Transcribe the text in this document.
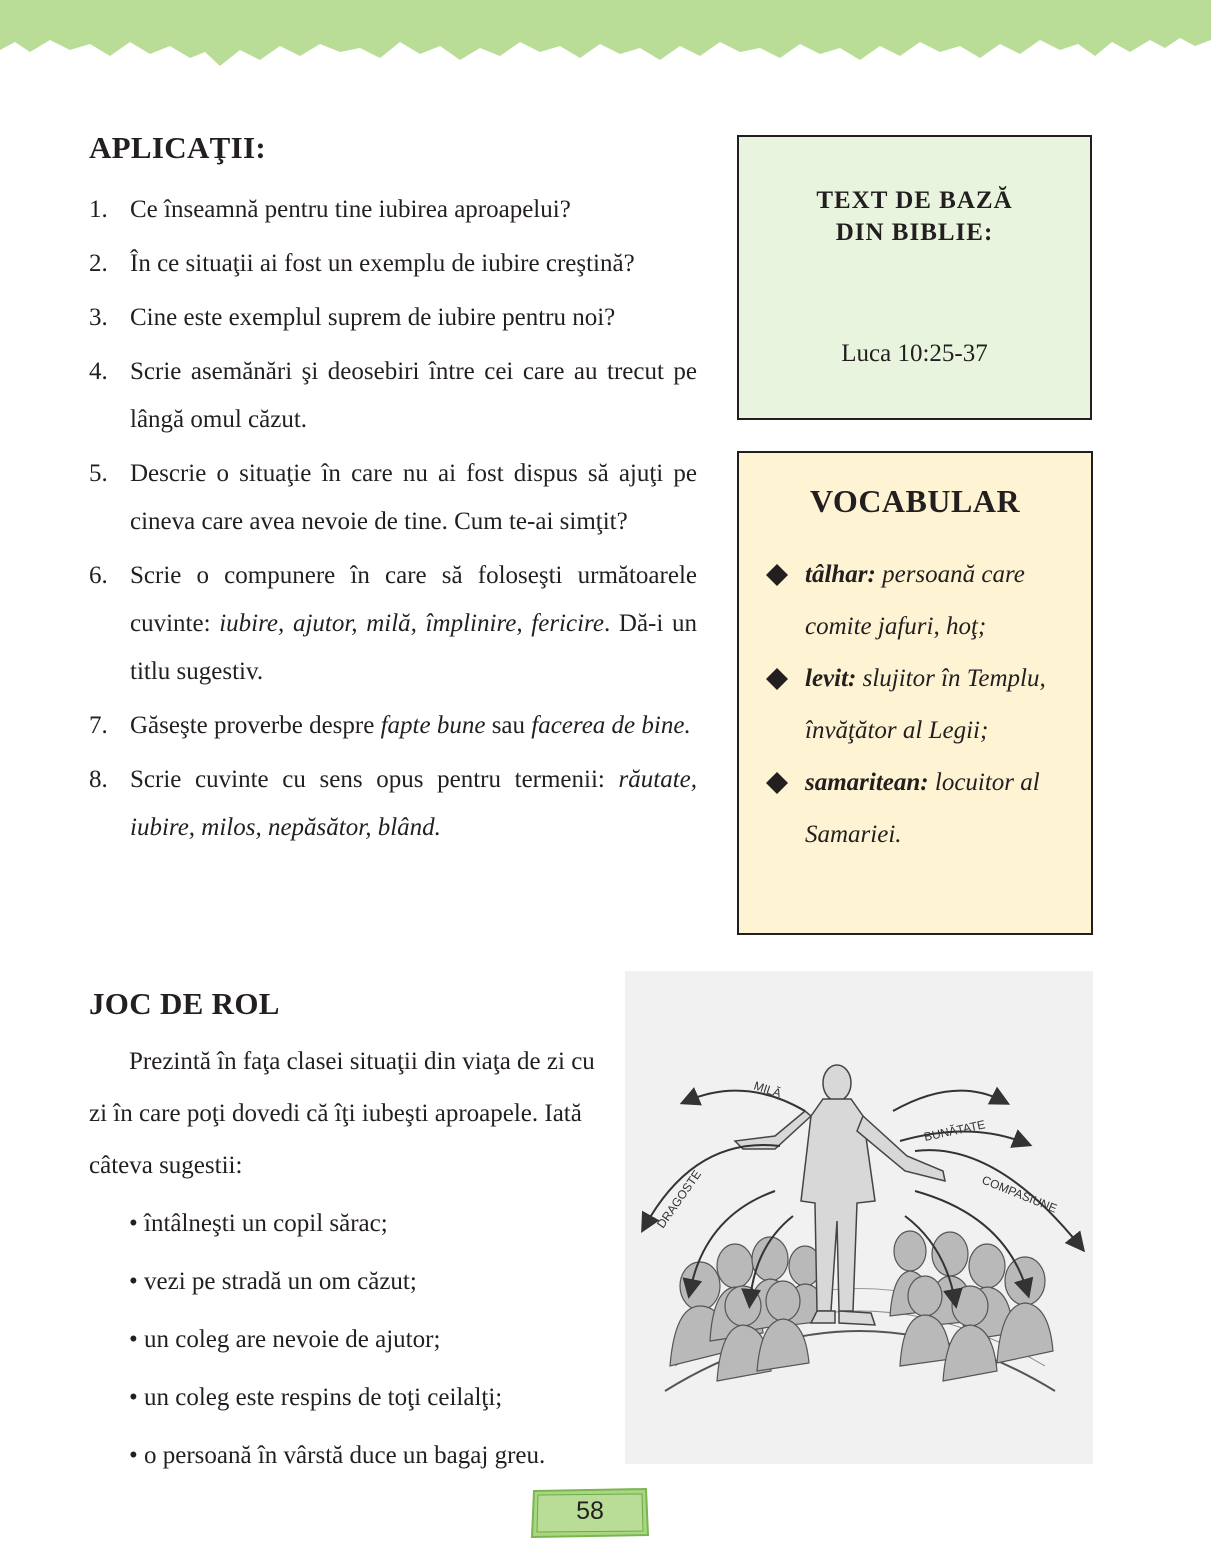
APLICAŢII:
1. Ce înseamnă pentru tine iubirea aproapelui?
2. În ce situaţii ai fost un exemplu de iubire creştină?
3. Cine este exemplul suprem de iubire pentru noi?
4. Scrie asemănări şi deosebiri între cei care au trecut pe lângă omul căzut.
5. Descrie o situaţie în care nu ai fost dispus să ajuţi pe cineva care avea nevoie de tine. Cum te-ai simţit?
6. Scrie o compunere în care să foloseşti următoarele cuvinte: iubire, ajutor, milă, împlinire, fericire. Dă-i un titlu sugestiv.
7. Găseşte proverbe despre fapte bune sau facerea de bine.
8. Scrie cuvinte cu sens opus pentru termenii: răutate, iubire, milos, nepăsător, blând.
TEXT DE BAZĂ
DIN BIBLIE:
Luca 10:25-37
VOCABULAR
tâlhar: persoană care comite jafuri, hoţ;
levit: slujitor în Templu, învăţător al Legii;
samaritean: locuitor al Samariei.
JOC DE ROL

Prezintă în faţa clasei situaţii din viaţa de zi cu zi în care poţi dovedi că îţi iubeşti aproapele. Iată câteva sugestii:

• întâlneşti un copil sărac;
• vezi pe stradă un om căzut;
• un coleg are nevoie de ajutor;
• un coleg este respins de toţi ceilalţi;
• o persoană în vârstă duce un bagaj greu.
MILĂ
BUNĂTATE
DRAGOSTE	COMPASIUNE
58
